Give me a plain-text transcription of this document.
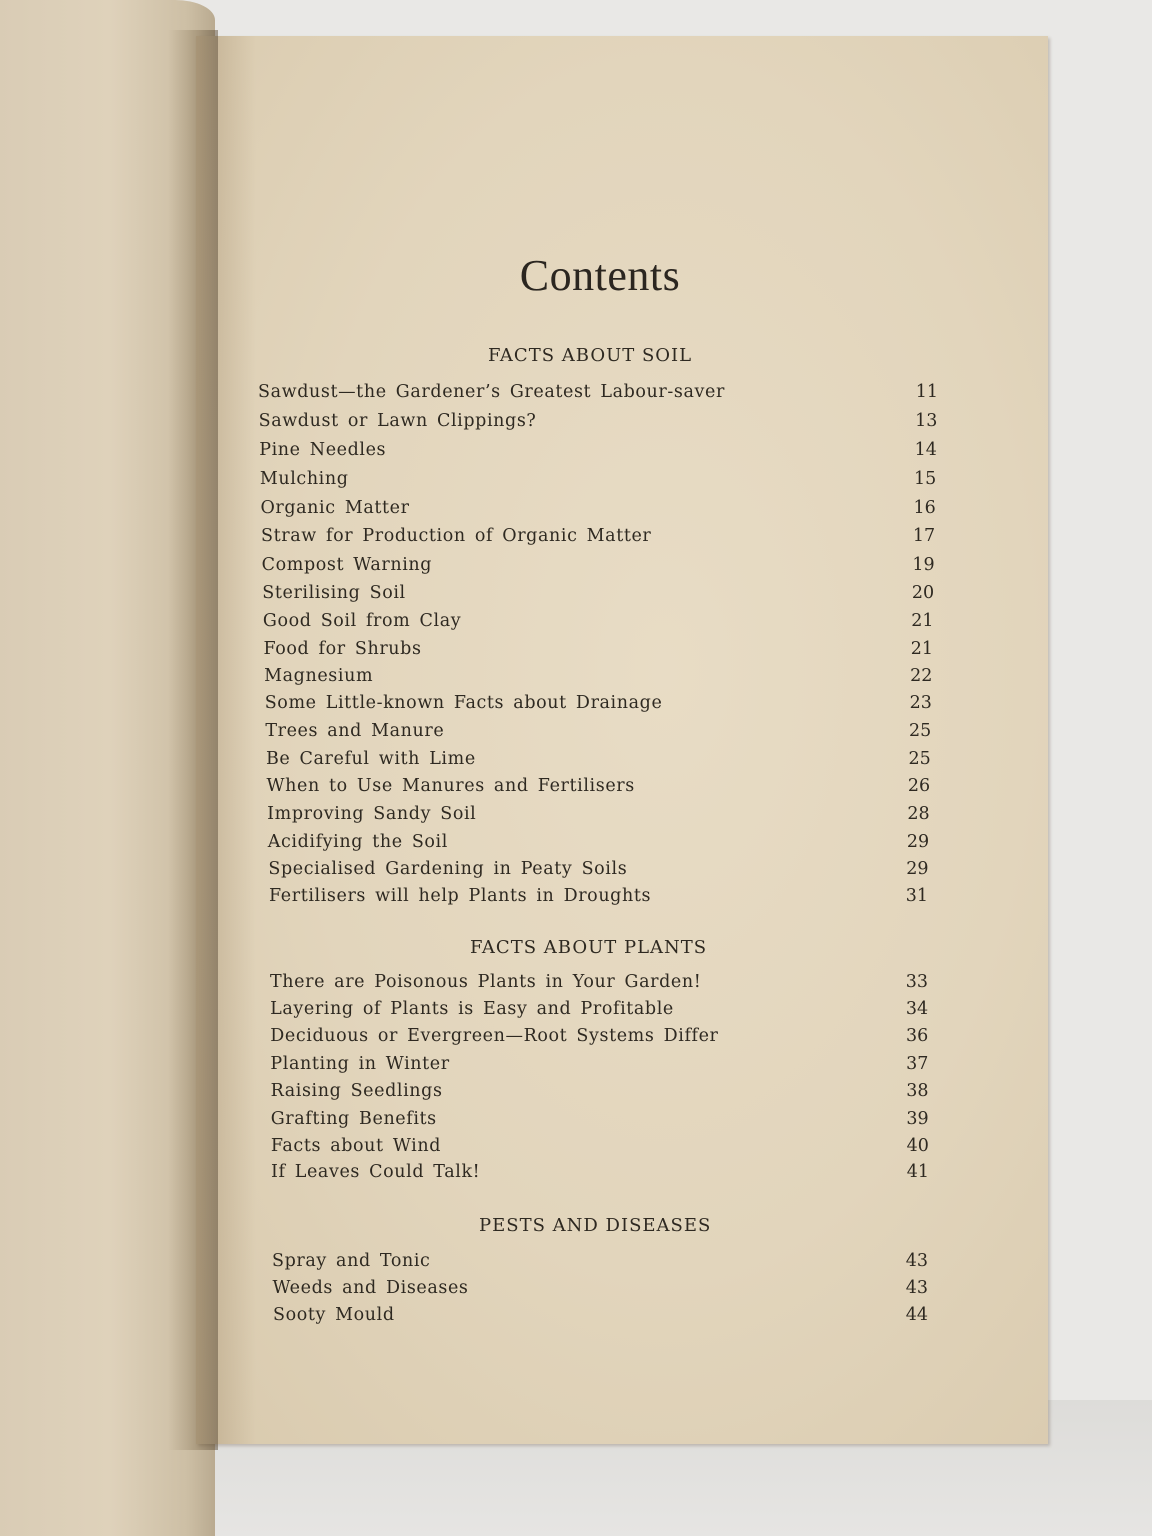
Contents
FACTS ABOUT SOIL
Sawdust—the Gardener’s Greatest Labour-saver	11
Sawdust or Lawn Clippings?	13
Pine Needles	14
Mulching	15
Organic Matter	16
Straw for Production of Organic Matter	17
Compost Warning	19
Sterilising Soil	20
Good Soil from Clay	21
Food for Shrubs	21
Magnesium	22
Some Little-known Facts about Drainage	23
Trees and Manure	25
Be Careful with Lime	25
When to Use Manures and Fertilisers	26
Improving Sandy Soil	28
Acidifying the Soil	29
Specialised Gardening in Peaty Soils	29
Fertilisers will help Plants in Droughts	31
FACTS ABOUT PLANTS
There are Poisonous Plants in Your Garden!	33
Layering of Plants is Easy and Profitable	34
Deciduous or Evergreen—Root Systems Differ	36
Planting in Winter	37
Raising Seedlings	38
Grafting Benefits	39
Facts about Wind	40
If Leaves Could Talk!	41
PESTS AND DISEASES
Spray and Tonic	43
Weeds and Diseases	43
Sooty Mould	44
